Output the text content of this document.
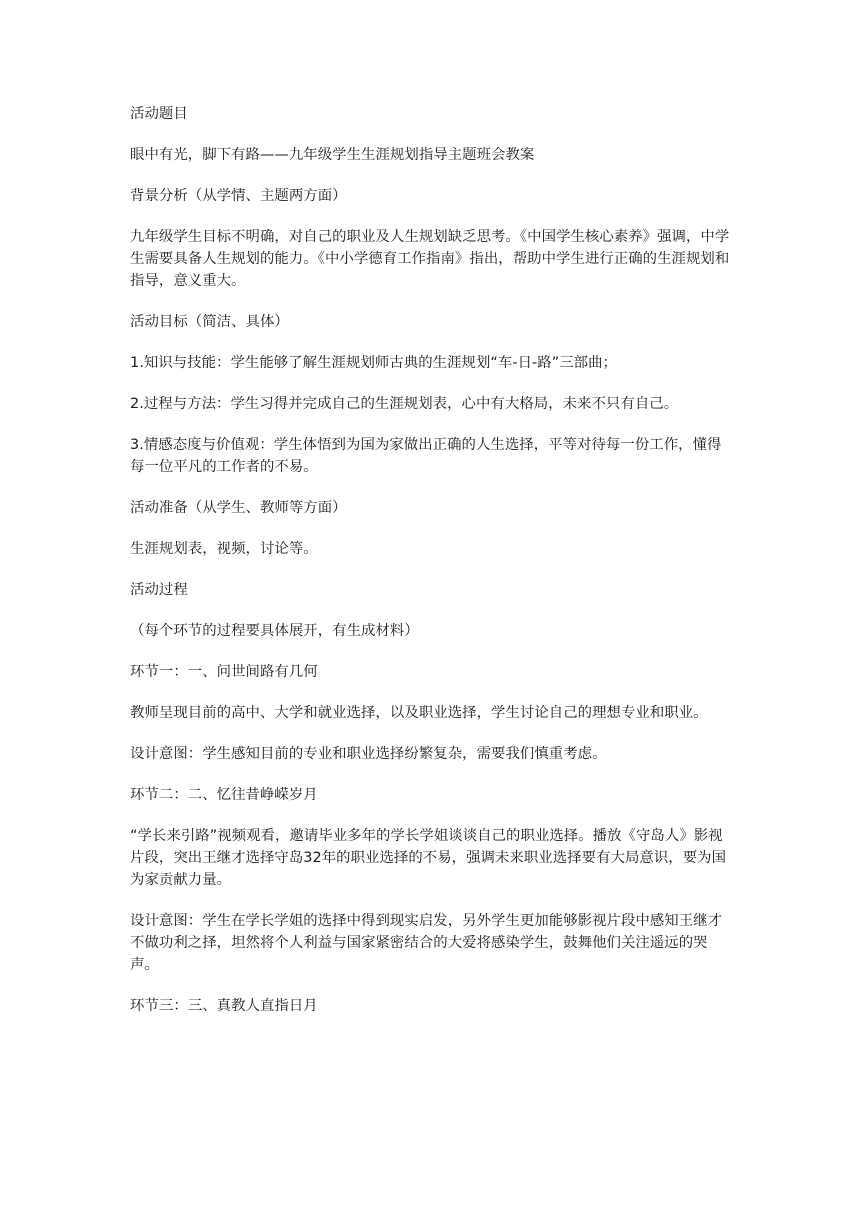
活动题目

眼中有光，脚下有路——九年级学生生涯规划指导主题班会教案

背景分析（从学情、主题两方面）

九年级学生目标不明确，对自己的职业及人生规划缺乏思考。《中国学生核心素养》强调，中学生需要具备人生规划的能力。《中小学德育工作指南》指出，帮助中学生进行正确的生涯规划和指导，意义重大。

活动目标（简洁、具体）

1.知识与技能：学生能够了解生涯规划师古典的生涯规划“车-日-路”三部曲；

2.过程与方法：学生习得并完成自己的生涯规划表，心中有大格局，未来不只有自己。

3.情感态度与价值观：学生体悟到为国为家做出正确的人生选择，平等对待每一份工作，懂得每一位平凡的工作者的不易。

活动准备（从学生、教师等方面）

生涯规划表，视频，讨论等。

活动过程

（每个环节的过程要具体展开，有生成材料）

环节一：一、问世间路有几何

教师呈现目前的高中、大学和就业选择，以及职业选择，学生讨论自己的理想专业和职业。

设计意图：学生感知目前的专业和职业选择纷繁复杂，需要我们慎重考虑。

环节二：二、忆往昔峥嵘岁月

“学长来引路”视频观看，邀请毕业多年的学长学姐谈谈自己的职业选择。播放《守岛人》影视片段，突出王继才选择守岛32年的职业选择的不易，强调未来职业选择要有大局意识，要为国为家贡献力量。

设计意图：学生在学长学姐的选择中得到现实启发，另外学生更加能够影视片段中感知王继才不做功利之择，坦然将个人利益与国家紧密结合的大爱将感染学生，鼓舞他们关注遥远的哭声。

环节三：三、真教人直指日月
